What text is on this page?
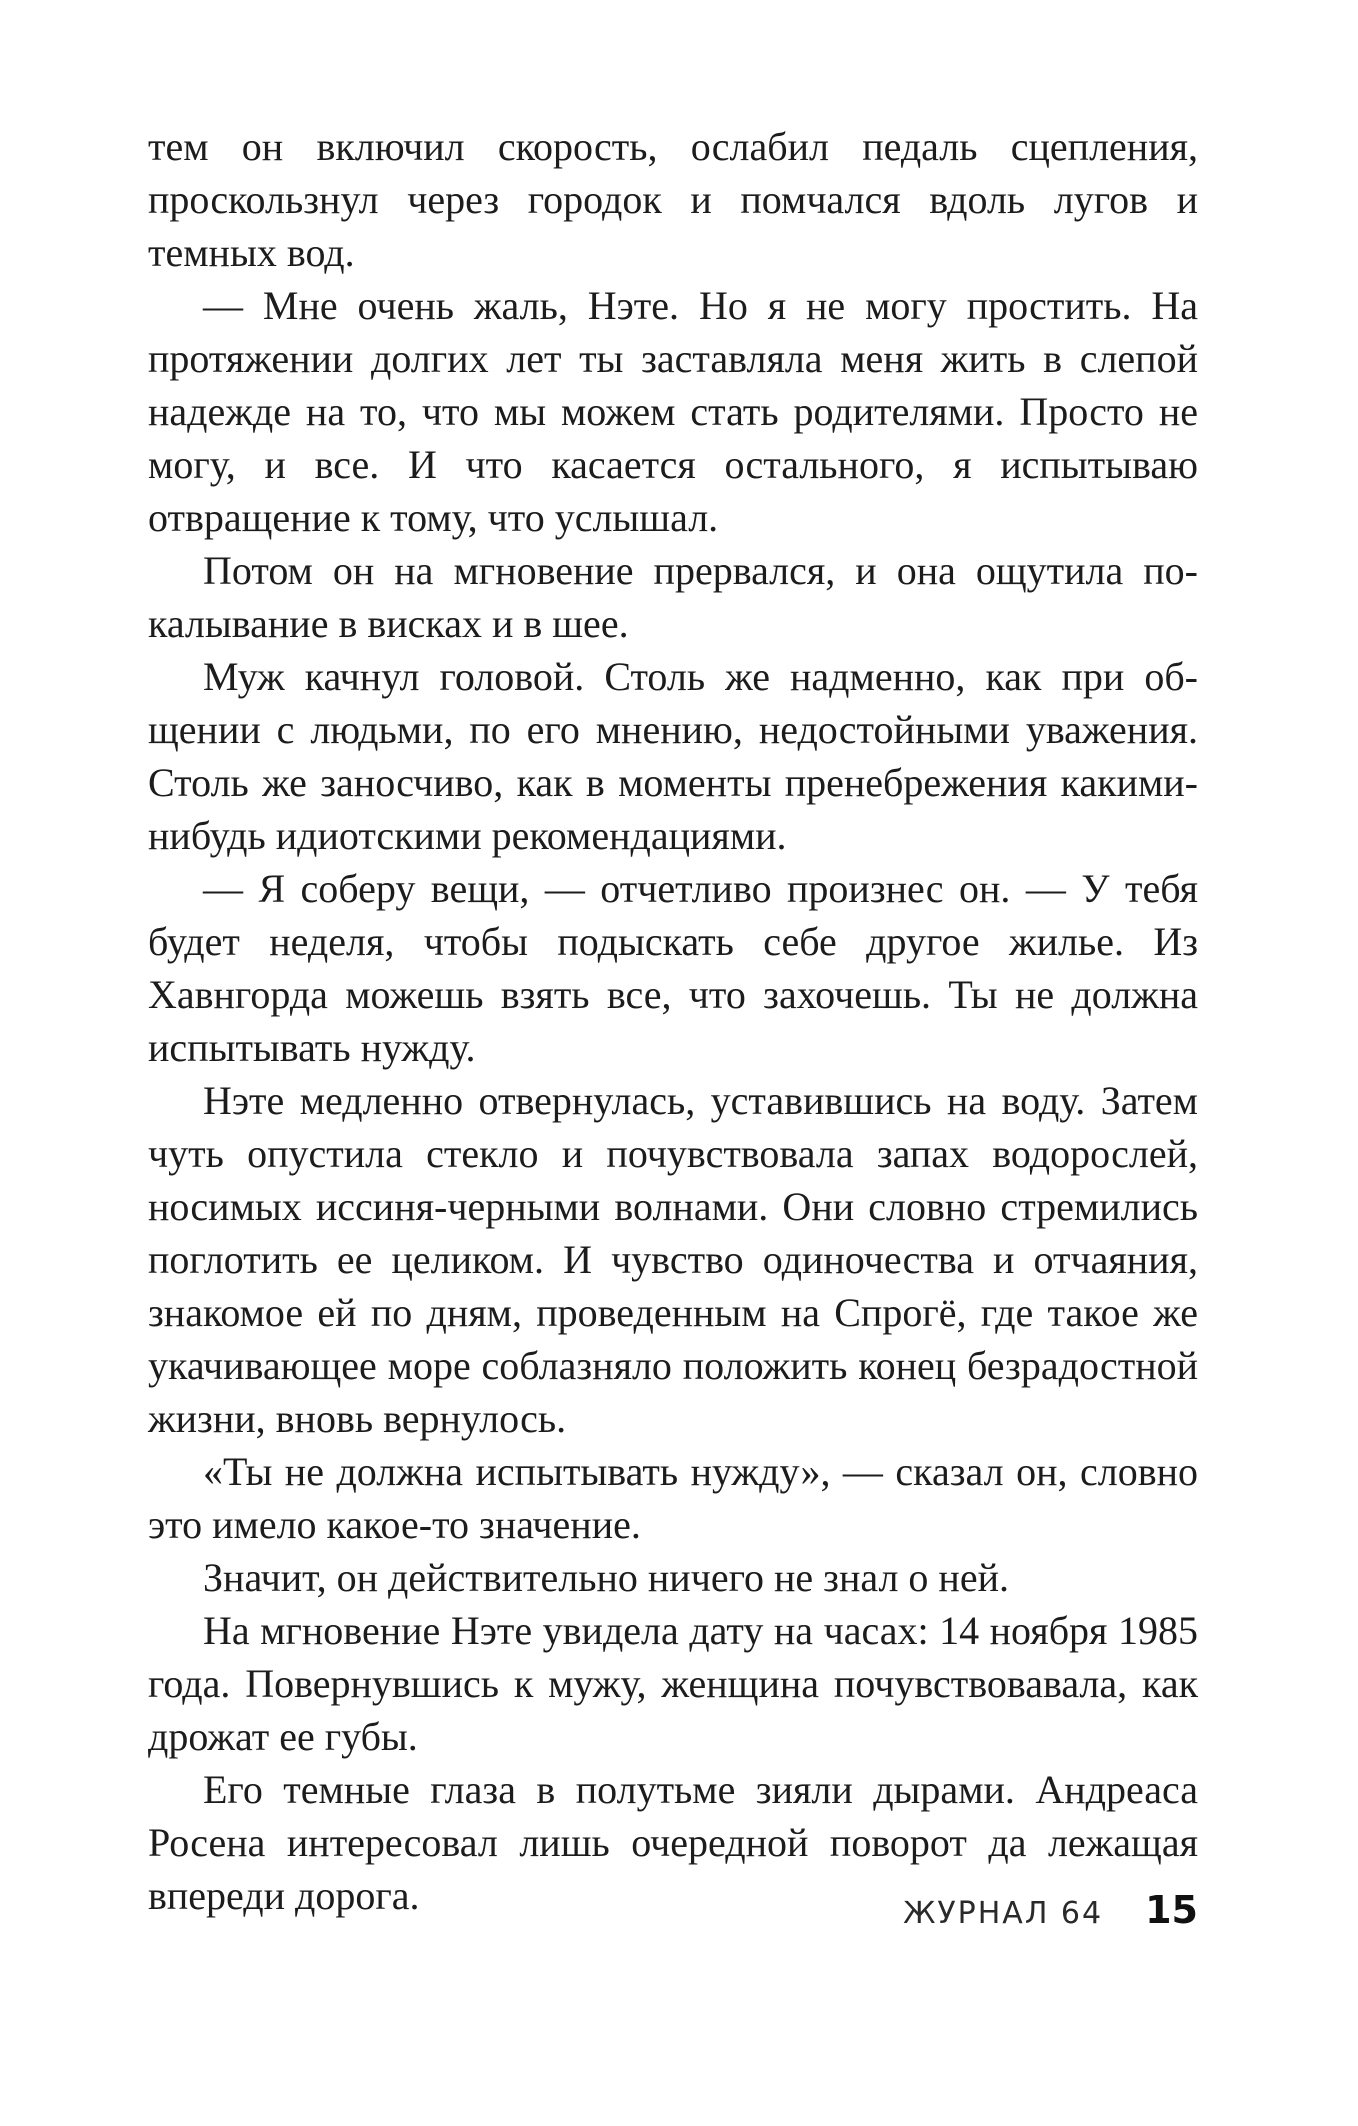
тем он включил скорость, ослабил педаль сцепления, проскользнул через городок и помчался вдоль лугов и темных вод.

— Мне очень жаль, Нэте. Но я не могу простить. На протяжении долгих лет ты заставляла меня жить в слепой надежде на то, что мы можем стать родителями. Просто не могу, и все. И что касается остального, я испытываю отвращение к тому, что услышал.

Потом он на мгновение прервался, и она ощутила покалывание в висках и в шее.

Муж качнул головой. Столь же надменно, как при общении с людьми, по его мнению, недостойными уважения. Столь же заносчиво, как в моменты пренебрежения какими-нибудь идиотскими рекомендациями.

— Я соберу вещи, — отчетливо произнес он. — У тебя будет неделя, чтобы подыскать себе другое жилье. Из Хавнгорда можешь взять все, что захочешь. Ты не должна испытывать нужду.

Нэте медленно отвернулась, уставившись на воду. Затем чуть опустила стекло и почувствовала запах водорослей, носимых иссиня-черными волнами. Они словно стремились поглотить ее целиком. И чувство одиночества и отчаяния, знакомое ей по дням, проведенным на Спрогё, где такое же укачивающее море соблазняло положить конец безрадостной жизни, вновь вернулось.

«Ты не должна испытывать нужду», — сказал он, словно это имело какое-то значение.

Значит, он действительно ничего не знал о ней.

На мгновение Нэте увидела дату на часах: 14 ноября 1985 года. Повернувшись к мужу, женщина почувствовавала, как дрожат ее губы.

Его темные глаза в полутьме зияли дырами. Андреаса Росена интересовал лишь очередной поворот да лежащая впереди дорога.	ЖУРНАЛ 64 15
